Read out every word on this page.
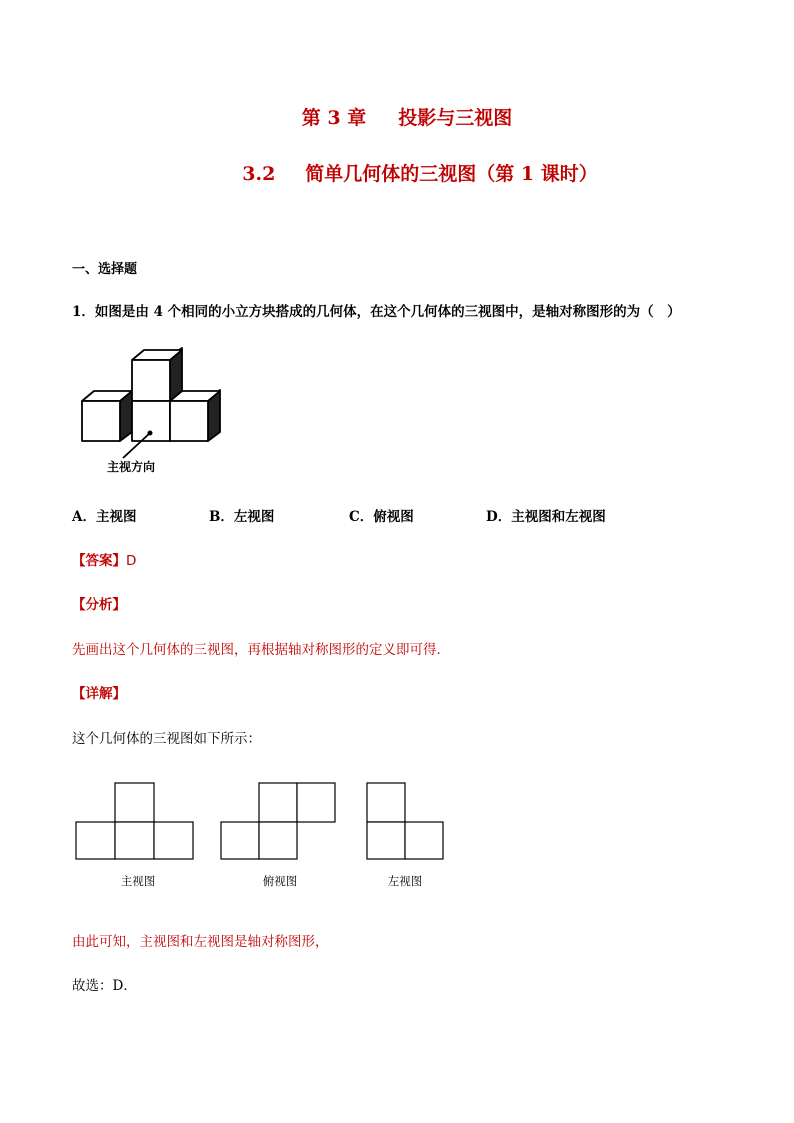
第 3 章 投影与三视图
3.2 简单几何体的三视图（第 1 课时）
一、选择题
1．如图是由 4 个相同的小立方块搭成的几何体，在这个几何体的三视图中，是轴对称图形的为（　）
主视方向
A．主视图	B．左视图	C．俯视图	D．主视图和左视图
【答案】D
【分析】
先画出这个几何体的三视图，再根据轴对称图形的定义即可得．
【详解】
这个几何体的三视图如下所示：
主视图	俯视图	左视图
由此可知，主视图和左视图是轴对称图形，
故选：D．
